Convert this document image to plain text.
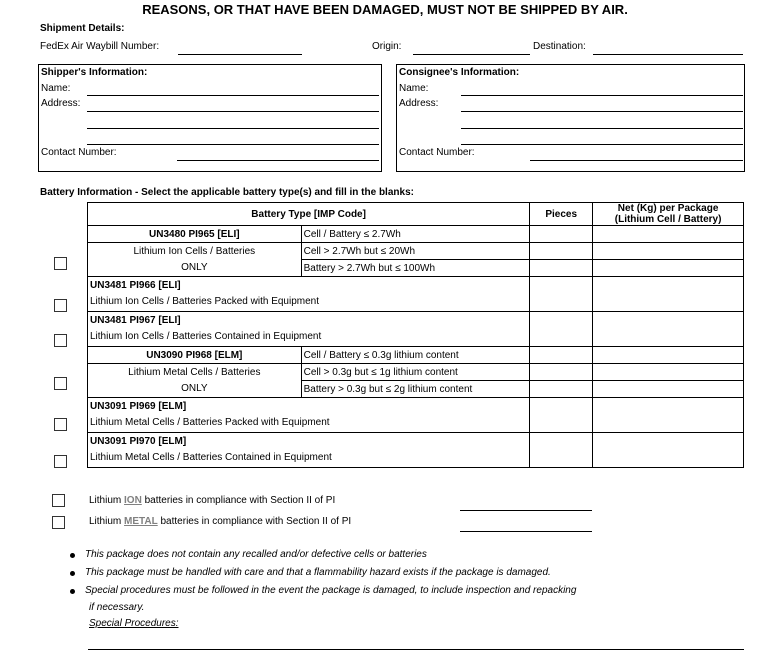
REASONS, OR THAT HAVE BEEN DAMAGED, MUST NOT BE SHIPPED BY AIR.
Shipment Details:
FedEx Air Waybill Number:	Origin:	Destination:
Shipper's Information:
Name:
Address:
Contact Number:
Consignee's Information:
Name:
Address:
Contact Number:
Battery Information - Select the applicable battery type(s) and fill in the blanks:
Battery Type [IMP Code]		Pieces	Net (Kg) per Package
(Lithium Cell / Battery)

UN3480 PI965 [ELI]	Cell / Battery ≤ 2.7Wh		
Lithium Ion Cells / Batteries	Cell > 2.7Wh but ≤ 20Wh		
ONLY	Battery > 2.7Wh but ≤ 100Wh		

UN3481 PI966 [ELI]
Lithium Ion Cells / Batteries Packed with Equipment			

UN3481 PI967 [ELI]
Lithium Ion Cells / Batteries Contained in Equipment			

UN3090 PI968 [ELM]	Cell / Battery ≤ 0.3g lithium content		
Lithium Metal Cells / Batteries	Cell > 0.3g but ≤ 1g lithium content		
ONLY	Battery > 0.3g but ≤ 2g lithium content		

UN3091 PI969 [ELM]
Lithium Metal Cells / Batteries Packed with Equipment			

UN3091 PI970 [ELM]
Lithium Metal Cells / Batteries Contained in Equipment			

Lithium ION batteries in compliance with Section II of PI
Lithium METAL batteries in compliance with Section II of PI
This package does not contain any recalled and/or defective cells or batteries
This package must be handled with care and that a flammability hazard exists if the package is damaged.
Special procedures must be followed in the event the package is damaged, to include inspection and repacking
if necessary.
Special Procedures:
